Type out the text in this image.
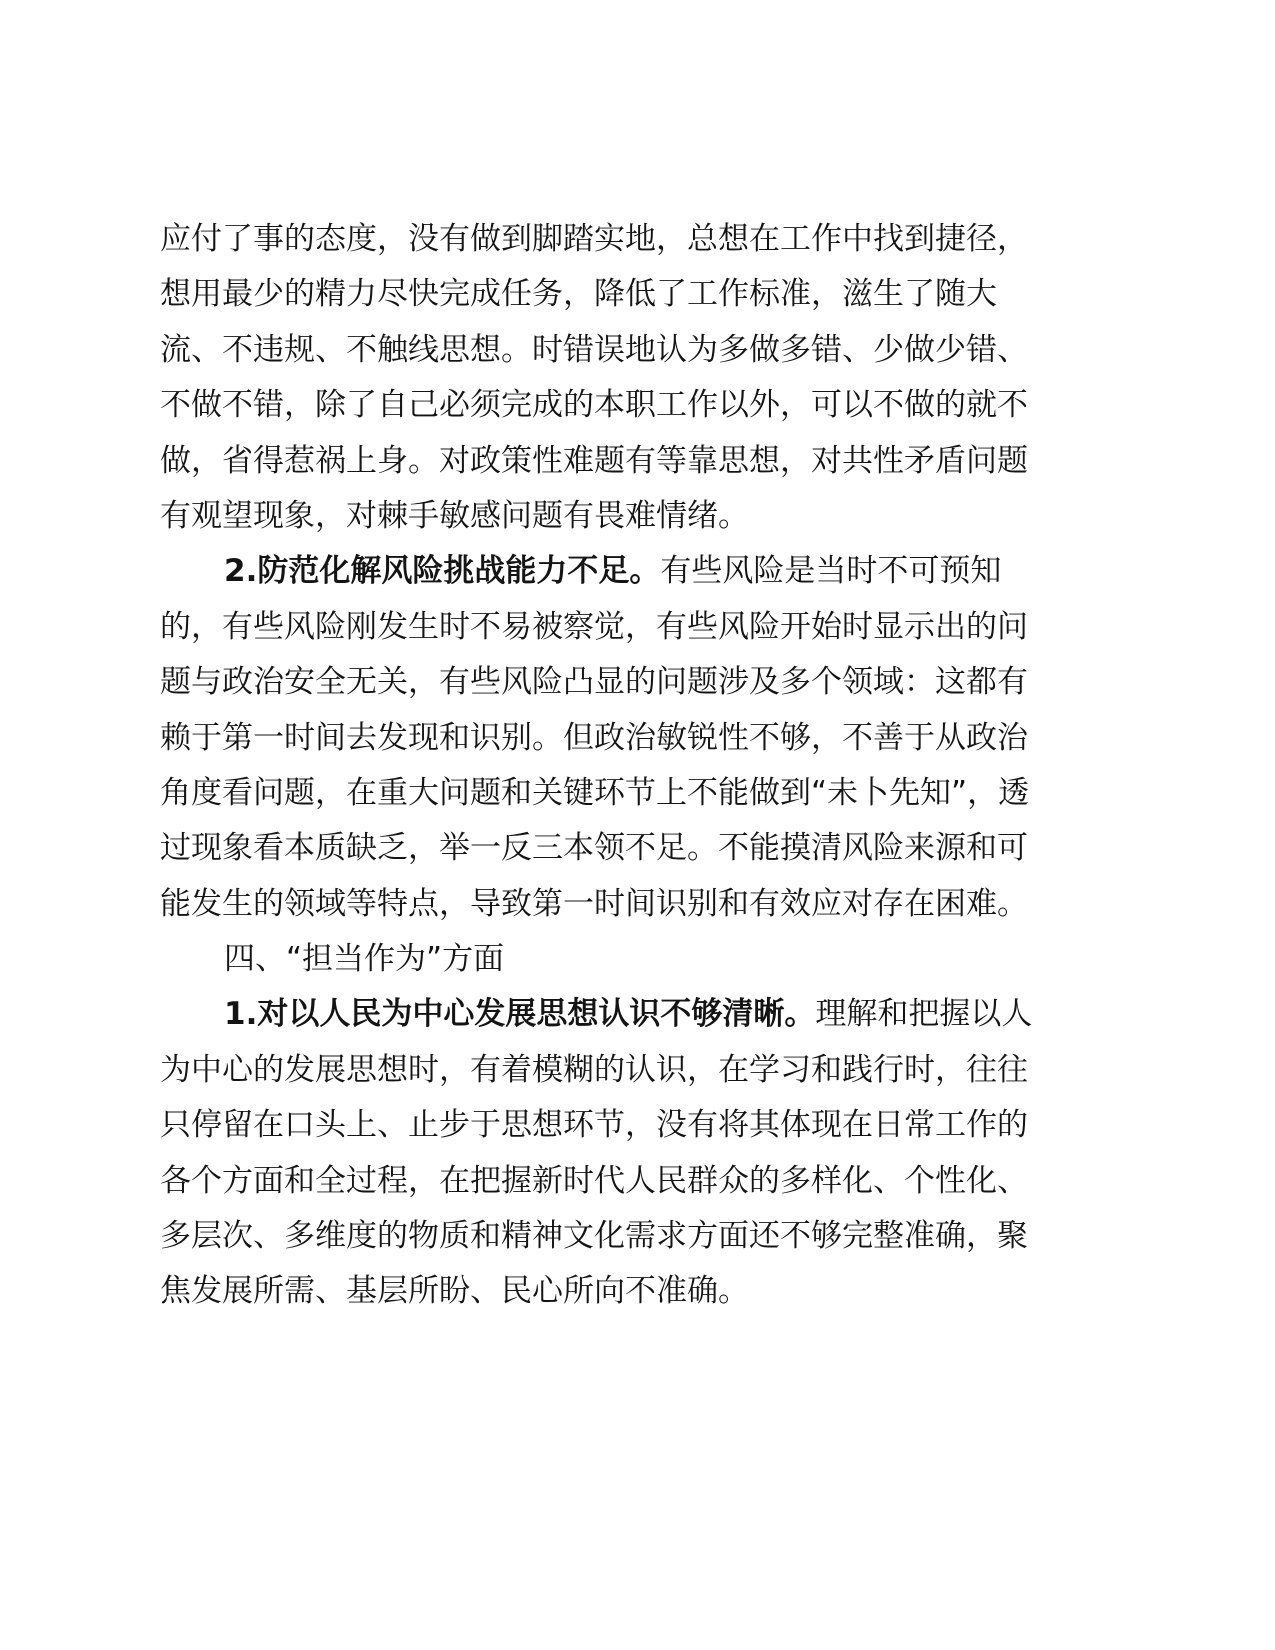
应付了事的态度，没有做到脚踏实地，总想在工作中找到捷径，
想用最少的精力尽快完成任务，降低了工作标准，滋生了随大
流、不违规、不触线思想。时错误地认为多做多错、少做少错、
不做不错，除了自己必须完成的本职工作以外，可以不做的就不
做，省得惹祸上身。对政策性难题有等靠思想，对共性矛盾问题
有观望现象，对棘手敏感问题有畏难情绪。
2.防范化解风险挑战能力不足。有些风险是当时不可预知
的，有些风险刚发生时不易被察觉，有些风险开始时显示出的问
题与政治安全无关，有些风险凸显的问题涉及多个领域：这都有
赖于第一时间去发现和识别。但政治敏锐性不够，不善于从政治
角度看问题，在重大问题和关键环节上不能做到“未卜先知”，透
过现象看本质缺乏，举一反三本领不足。不能摸清风险来源和可
能发生的领域等特点，导致第一时间识别和有效应对存在困难。
四、“担当作为”方面
1.对以人民为中心发展思想认识不够清晰。理解和把握以人
为中心的发展思想时，有着模糊的认识，在学习和践行时，往往
只停留在口头上、止步于思想环节，没有将其体现在日常工作的
各个方面和全过程，在把握新时代人民群众的多样化、个性化、
多层次、多维度的物质和精神文化需求方面还不够完整准确，聚
焦发展所需、基层所盼、民心所向不准确。
